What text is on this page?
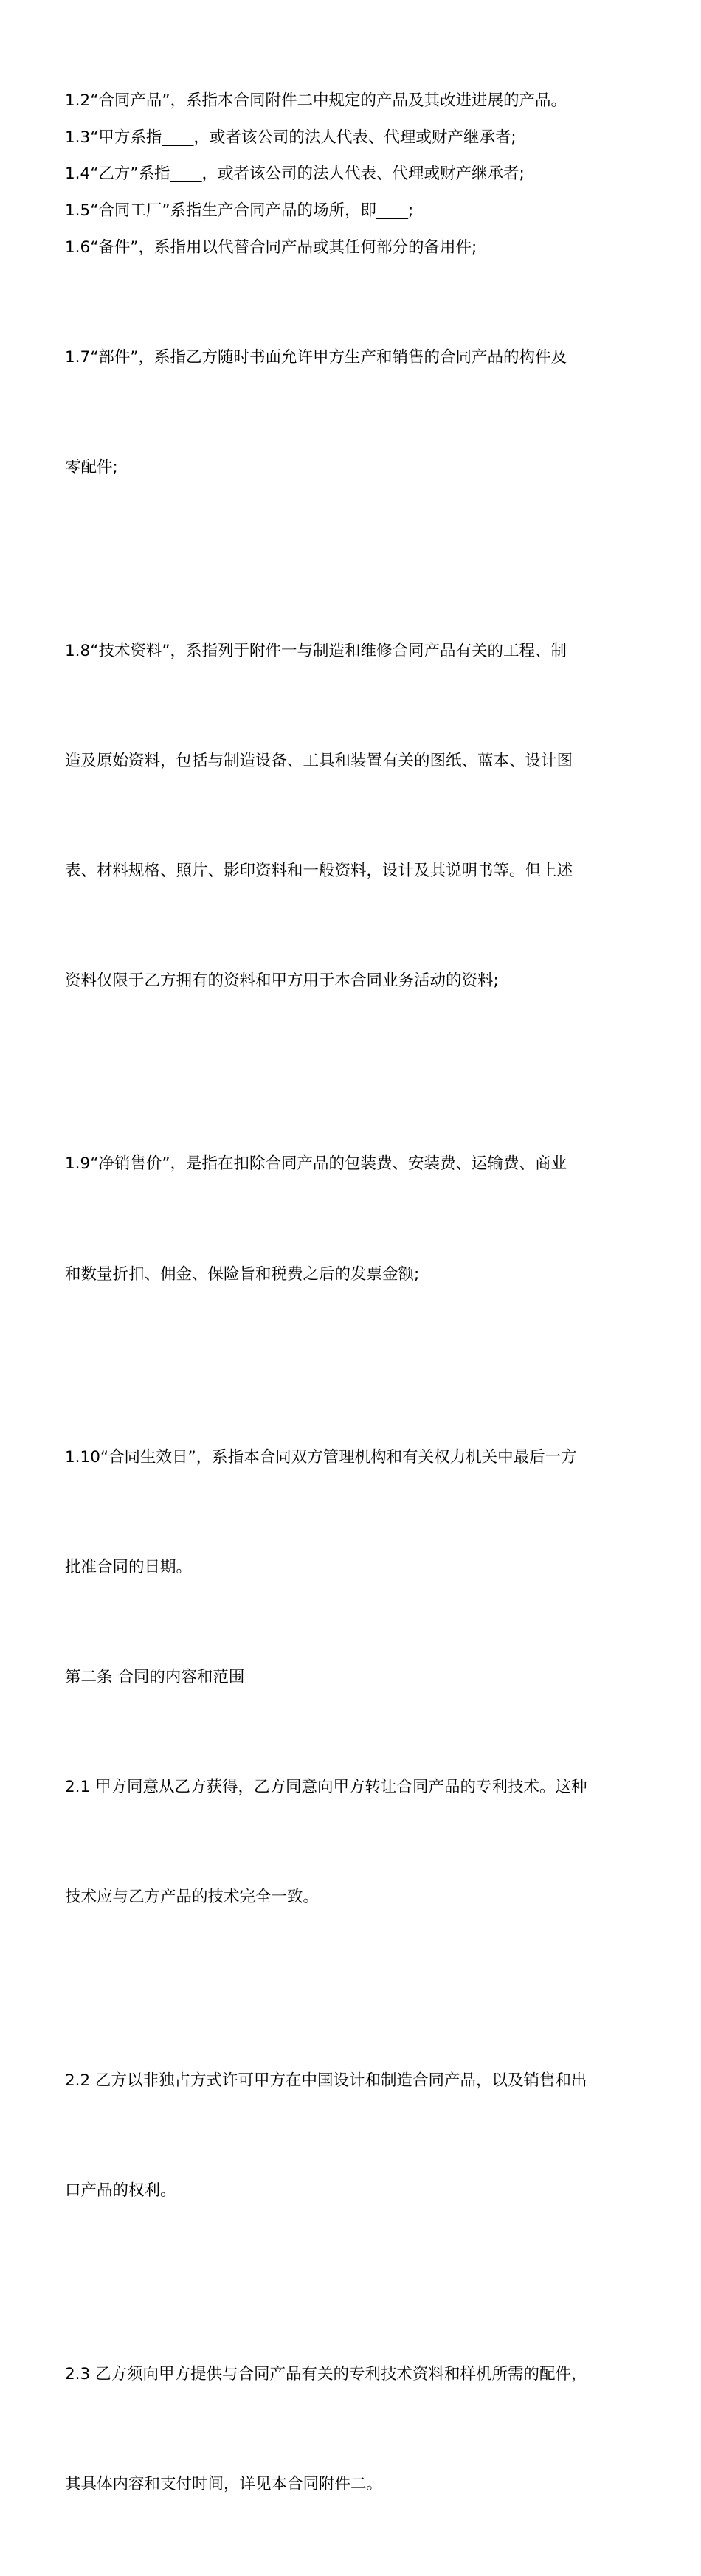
1.2“合同产品”，系指本合同附件二中规定的产品及其改进进展的产品。

1.3“甲方系指____，或者该公司的法人代表、代理或财产继承者;

1.4“乙方”系指____，或者该公司的法人代表、代理或财产继承者;

1.5“合同工厂”系指生产合同产品的场所，即____;

1.6“备件”，系指用以代替合同产品或其任何部分的备用件;

1.7“部件”，系指乙方随时书面允许甲方生产和销售的合同产品的构件及

零配件;

1.8“技术资料”，系指列于附件一与制造和维修合同产品有关的工程、制

造及原始资料，包括与制造设备、工具和装置有关的图纸、蓝本、设计图

表、材料规格、照片、影印资料和一般资料，设计及其说明书等。但上述

资料仅限于乙方拥有的资料和甲方用于本合同业务活动的资料;

1.9“净销售价”，是指在扣除合同产品的包装费、安装费、运输费、商业

和数量折扣、佣金、保险旨和税费之后的发票金额;

1.10“合同生效日”，系指本合同双方管理机构和有关权力机关中最后一方

批准合同的日期。

第二条 合同的内容和范围

2.1 甲方同意从乙方获得，乙方同意向甲方转让合同产品的专利技术。这种

技术应与乙方产品的技术完全一致。

2.2 乙方以非独占方式许可甲方在中国设计和制造合同产品，以及销售和出

口产品的权利。

2.3 乙方须向甲方提供与合同产品有关的专利技术资料和样机所需的配件，

其具体内容和支付时间，详见本合同附件二。
